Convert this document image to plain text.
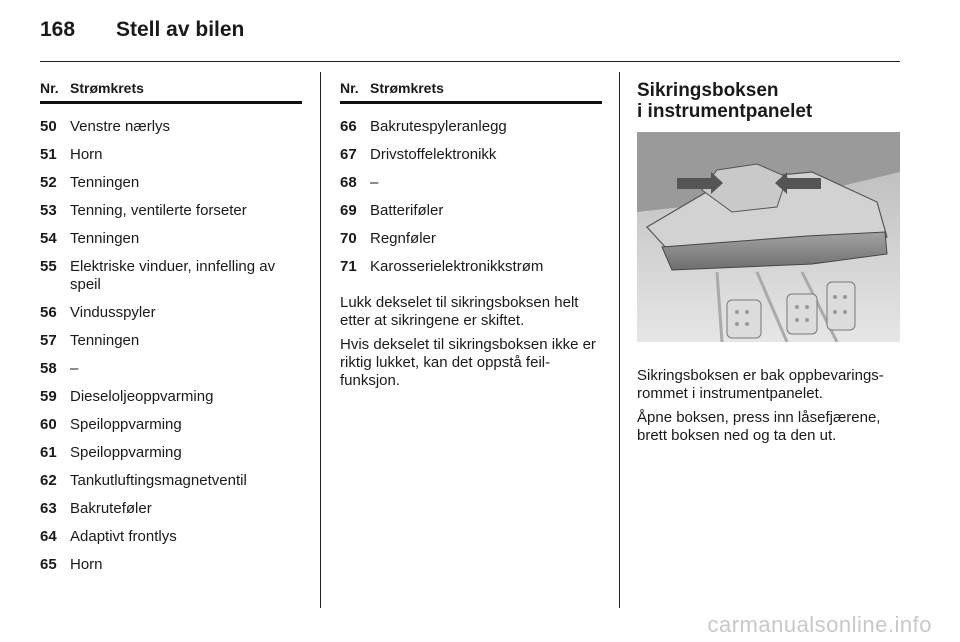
168 Stell av bilen
Nr. Strømkrets
50 Venstre nærlys
51 Horn
52 Tenningen
53 Tenning, ventilerte forseter
54 Tenningen
55 Elektriske vinduer, innfelling av speil
56 Vindusspyler
57 Tenningen
58 –
59 Dieseloljeoppvarming
60 Speiloppvarming
61 Speiloppvarming
62 Tankutluftingsmagnetventil
63 Bakruteføler
64 Adaptivt frontlys
65 Horn
Nr. Strømkrets
66 Bakrutespyleranlegg
67 Drivstoffelektronikk
68 –
69 Batteriføler
70 Regnføler
71 Karosserielektronikkstrøm

Lukk dekselet til sikringsboksen helt etter at sikringene er skiftet.

Hvis dekselet til sikringsboksen ikke er riktig lukket, kan det oppstå feil-funksjon.

Sikringsboksen
i instrumentpanelet

Sikringsboksen er bak oppbevarings-rommet i instrumentpanelet.

Åpne boksen, press inn låsefjærene, brett boksen ned og ta den ut.

carmanualsonline.info
